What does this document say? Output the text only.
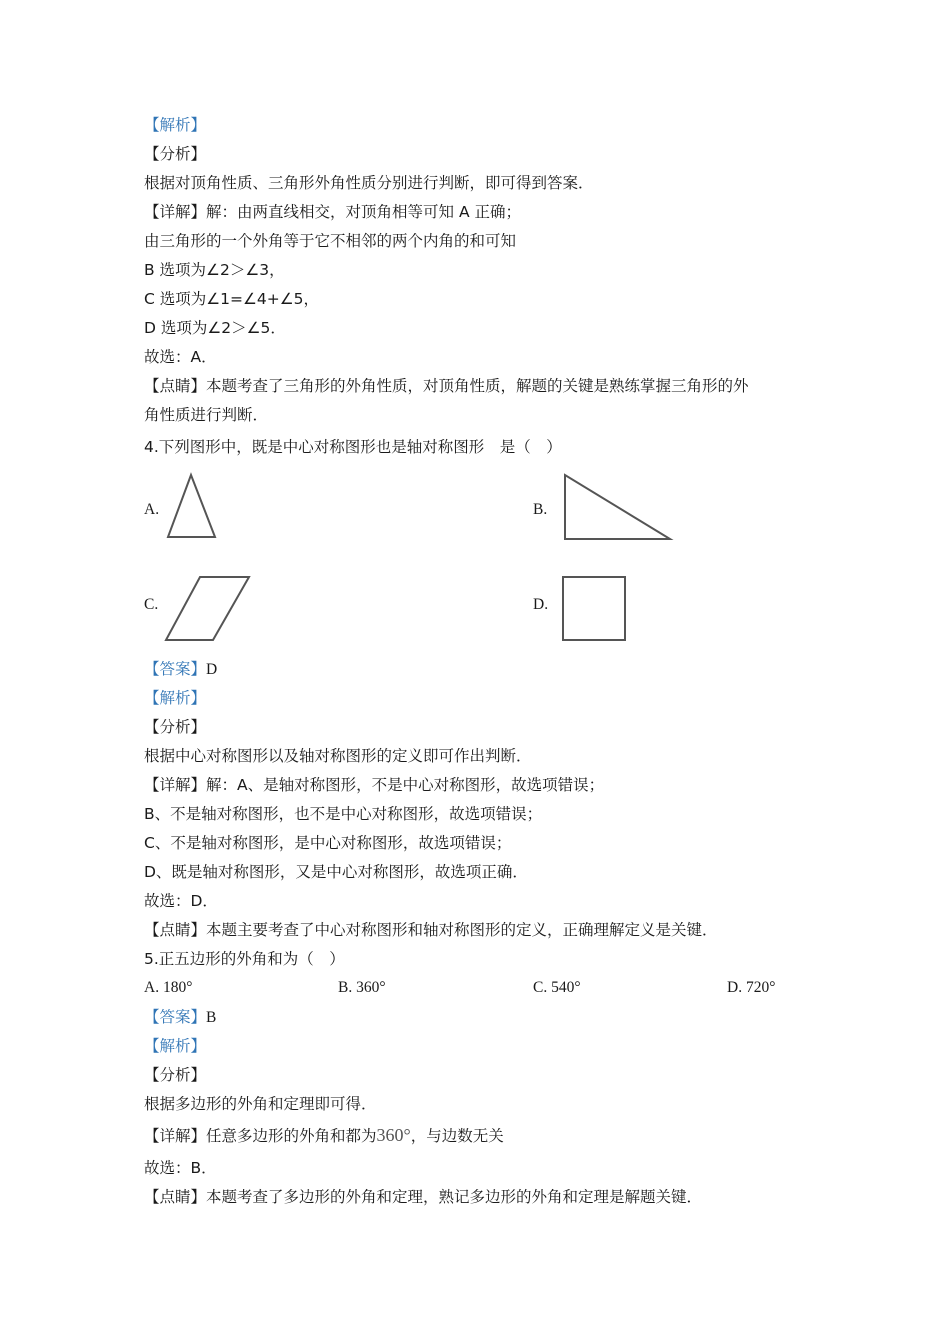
【解析】
【分析】
根据对顶角性质、三角形外角性质分别进行判断，即可得到答案．
【详解】解：由两直线相交，对顶角相等可知 A 正确；
由三角形的一个外角等于它不相邻的两个内角的和可知
B 选项为∠2＞∠3，
C 选项为∠1=∠4+∠5，
D 选项为∠2＞∠5．
故选：A．
【点睛】本题考查了三角形的外角性质，对顶角性质，解题的关键是熟练掌握三角形的外
角性质进行判断．
4.下列图形中，既是中心对称图形也是轴对称图形　是（　）
A.	B.
C.	D.
【答案】D
【解析】
【分析】
根据中心对称图形以及轴对称图形的定义即可作出判断．
【详解】解：A、是轴对称图形，不是中心对称图形，故选项错误；
B、不是轴对称图形，也不是中心对称图形，故选项错误；
C、不是轴对称图形，是中心对称图形，故选项错误；
D、既是轴对称图形，又是中心对称图形，故选项正确．
故选：D．
【点睛】本题主要考查了中心对称图形和轴对称图形的定义，正确理解定义是关键．
5.正五边形的外角和为（　）
A. 180°	B. 360°	C. 540°	D. 720°
【答案】B
【解析】
【分析】
根据多边形的外角和定理即可得．
【详解】任意多边形的外角和都为360°，与边数无关
故选：B．
【点睛】本题考查了多边形的外角和定理，熟记多边形的外角和定理是解题关键．
